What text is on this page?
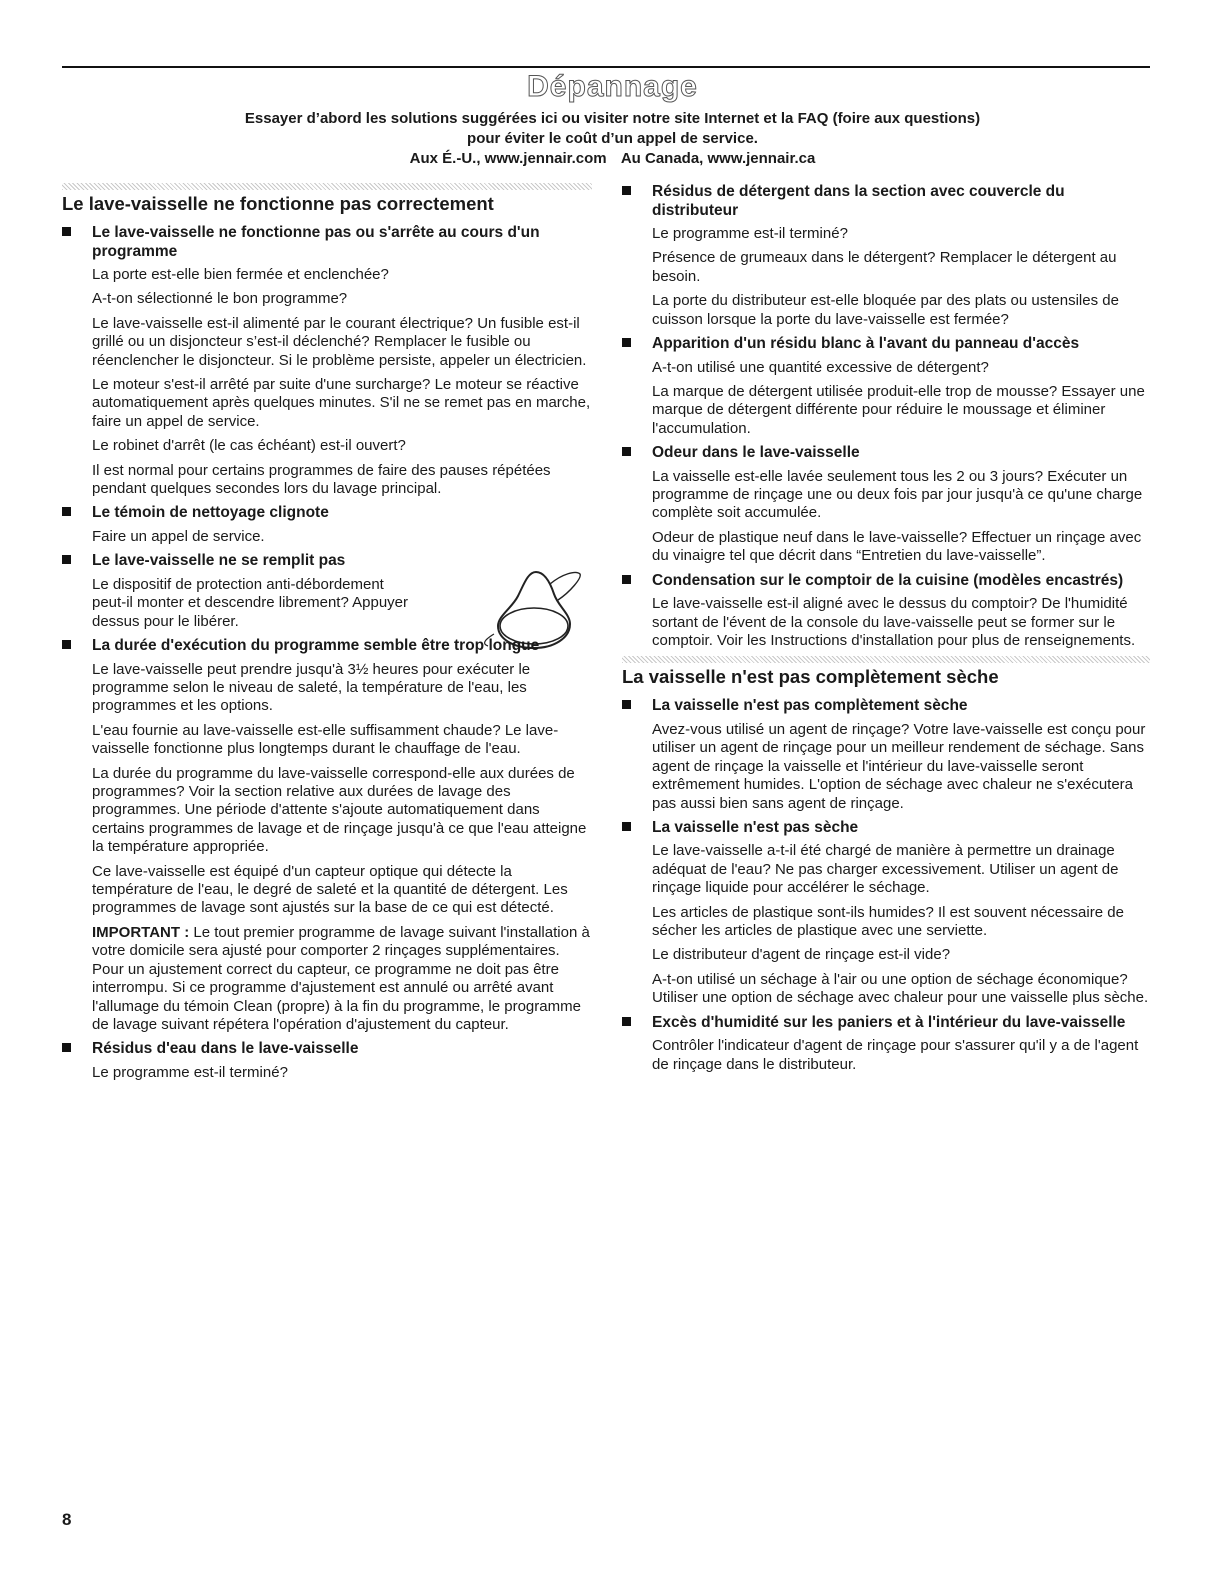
Dépannage
Essayer d’abord les solutions suggérées ici ou visiter notre site Internet et la FAQ (foire aux questions)
pour éviter le coût d’un appel de service.
Aux É.-U., www.jennair.com Au Canada, www.jennair.ca
Le lave-vaisselle ne fonctionne pas correctement
Le lave-vaisselle ne fonctionne pas ou s'arrête au cours d'un programme

La porte est-elle bien fermée et enclenchée?

A-t-on sélectionné le bon programme?

Le lave-vaisselle est-il alimenté par le courant électrique? Un fusible est-il grillé ou un disjoncteur s’est-il déclenché? Remplacer le fusible ou réenclencher le disjoncteur. Si le problème persiste, appeler un électricien.

Le moteur s'est-il arrêté par suite d'une surcharge? Le moteur se réactive automatiquement après quelques minutes. S'il ne se remet pas en marche, faire un appel de service.

Le robinet d'arrêt (le cas échéant) est-il ouvert?

Il est normal pour certains programmes de faire des pauses répétées pendant quelques secondes lors du lavage principal.

Le témoin de nettoyage clignote

Faire un appel de service.

Le lave-vaisselle ne se remplit pas

Le dispositif de protection anti-débordement peut-il monter et descendre librement? Appuyer dessus pour le libérer.

La durée d'exécution du programme semble être trop longue

Le lave-vaisselle peut prendre jusqu'à 3½ heures pour exécuter le programme selon le niveau de saleté, la température de l'eau, les programmes et les options.

L'eau fournie au lave-vaisselle est-elle suffisamment chaude? Le lave-vaisselle fonctionne plus longtemps durant le chauffage de l'eau.

La durée du programme du lave-vaisselle correspond-elle aux durées de programmes? Voir la section relative aux durées de lavage des programmes. Une période d'attente s'ajoute automatiquement dans certains programmes de lavage et de rinçage jusqu'à ce que l'eau atteigne la température appropriée.

Ce lave-vaisselle est équipé d'un capteur optique qui détecte la température de l'eau, le degré de saleté et la quantité de détergent. Les programmes de lavage sont ajustés sur la base de ce qui est détecté.

IMPORTANT : Le tout premier programme de lavage suivant l'installation à votre domicile sera ajusté pour comporter 2 rinçages supplémentaires. Pour un ajustement correct du capteur, ce programme ne doit pas être interrompu. Si ce programme d'ajustement est annulé ou arrêté avant l'allumage du témoin Clean (propre) à la fin du programme, le programme de lavage suivant répétera l'opération d'ajustement du capteur.

Résidus d'eau dans le lave-vaisselle

Le programme est-il terminé?

Résidus de détergent dans la section avec couvercle du distributeur

Le programme est-il terminé?

Présence de grumeaux dans le détergent? Remplacer le détergent au besoin.

La porte du distributeur est-elle bloquée par des plats ou ustensiles de cuisson lorsque la porte du lave-vaisselle est fermée?

Apparition d'un résidu blanc à l'avant du panneau d'accès

A-t-on utilisé une quantité excessive de détergent?

La marque de détergent utilisée produit-elle trop de mousse? Essayer une marque de détergent différente pour réduire le moussage et éliminer l'accumulation.

Odeur dans le lave-vaisselle

La vaisselle est-elle lavée seulement tous les 2 ou 3 jours? Exécuter un programme de rinçage une ou deux fois par jour jusqu'à ce qu'une charge complète soit accumulée.

Odeur de plastique neuf dans le lave-vaisselle? Effectuer un rinçage avec du vinaigre tel que décrit dans “Entretien du lave-vaisselle”.

Condensation sur le comptoir de la cuisine (modèles encastrés)

Le lave-vaisselle est-il aligné avec le dessus du comptoir? De l'humidité sortant de l'évent de la console du lave-vaisselle peut se former sur le comptoir. Voir les Instructions d'installation pour plus de renseignements.

La vaisselle n'est pas complètement sèche
La vaisselle n'est pas complètement sèche

Avez-vous utilisé un agent de rinçage? Votre lave-vaisselle est conçu pour utiliser un agent de rinçage pour un meilleur rendement de séchage. Sans agent de rinçage la vaisselle et l'intérieur du lave-vaisselle seront extrêmement humides. L'option de séchage avec chaleur ne s'exécutera pas aussi bien sans agent de rinçage.

La vaisselle n'est pas sèche

Le lave-vaisselle a-t-il été chargé de manière à permettre un drainage adéquat de l'eau? Ne pas charger excessivement. Utiliser un agent de rinçage liquide pour accélérer le séchage.

Les articles de plastique sont-ils humides? Il est souvent nécessaire de sécher les articles de plastique avec une serviette.

Le distributeur d'agent de rinçage est-il vide?

A-t-on utilisé un séchage à l'air ou une option de séchage économique? Utiliser une option de séchage avec chaleur pour une vaisselle plus sèche.

Excès d'humidité sur les paniers et à l'intérieur du lave-vaisselle

Contrôler l'indicateur d'agent de rinçage pour s'assurer qu'il y a de l'agent de rinçage dans le distributeur.

8
